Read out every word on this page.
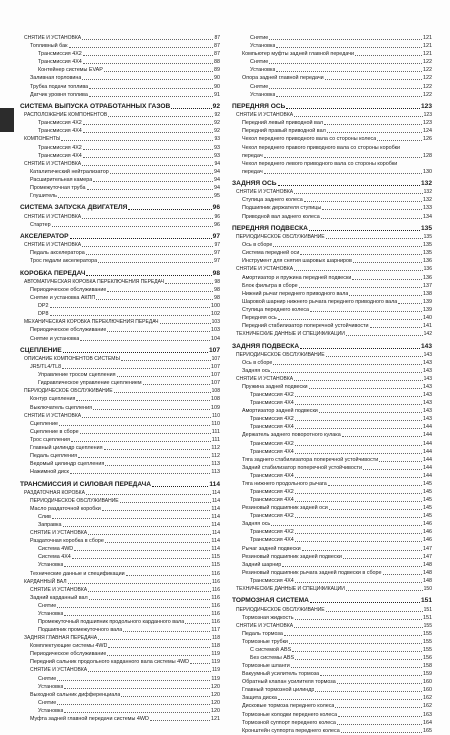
СНЯТИЕ И УСТАНОВКА	87
Топливный бак	87
Трансмиссия 4Х2	87
Трансмиссия 4Х4	88
Контейнер системы EVAP	89
Заливная горловина	90
Трубка подачи топлива	90
Датчик уровня топлива	91
СИСТЕМА ВЫПУСКА ОТРАБОТАННЫХ ГАЗОВ	92
РАСПОЛОЖЕНИЕ КОМПОНЕНТОВ	92
Трансмиссия 4Х2	92
Трансмиссия 4Х4	92
КОМПОНЕНТЫ	93
Трансмиссия 4Х2	93
Трансмиссия 4Х4	93
СНЯТИЕ И УСТАНОВКА	94
Каталитический нейтрализатор	94
Расширительная камера	94
Промежуточная труба	94
Глушитель	95
СИСТЕМА ЗАПУСКА ДВИГАТЕЛЯ	96
СНЯТИЕ И УСТАНОВКА	96
Стартер	96
АКСЕЛЕРАТОР	97
СНЯТИЕ И УСТАНОВКА	97
Педаль акселератора	97
Трос педали акселератора	97
КОРОБКА ПЕРЕДАЧ	98
АВТОМАТИЧЕСКАЯ КОРОБКА ПЕРЕКЛЮЧЕНИЯ ПЕРЕДАЧ	98
Периодическое обслуживание	98
Снятие и установка АКПП	98
DP2	100
DP8	102
МЕХАНИЧЕСКАЯ КОРОБКА ПЕРЕКЛЮЧЕНИЯ ПЕРЕДАЧ	103
Периодическое обслуживание	103
Снятие и установка	104
СЦЕПЛЕНИЕ	107
ОПИСАНИЕ КОМПОНЕНТОВ СИСТЕМЫ	107
JR5/TL4/TL8	107
Управление тросом сцепления	107
Гидравлическое управление сцеплением	107
ПЕРИОДИЧЕСКОЕ ОБСЛУЖИВАНИЕ	108
Контур сцепления	108
Выключатель сцепления	109
СНЯТИЕ И УСТАНОВКА	110
Сцепление	110
Сцепление в сборе	111
Трос сцепления	111
Главный цилиндр сцепления	112
Педаль сцепления	112
Ведомый цилиндр сцепления	113
Нажимной диск	113
ТРАНСМИССИЯ И СИЛОВАЯ ПЕРЕДАЧА	114
РАЗДАТОЧНАЯ КОРОБКА	114
ПЕРИОДИЧЕСКОЕ ОБСЛУЖИВАНИЕ	114
Масло раздаточной коробки	114
Слив	114
Заправка	114
СНЯТИЕ И УСТАНОВКА	114
Раздаточная коробка в сборе	114
Система 4WD	114
Система 4Х4	115
Установка	115
Технические данные и спецификации	116
КАРДАННЫЙ ВАЛ	116
СНЯТИЕ И УСТАНОВКА	116
Задний карданный вал	116
Снятие	116
Установка	116
Промежуточный подшипник продольного карданного вала	116
Подшипник промежуточного вала	117
ЗАДНЯЯ ГЛАВНАЯ ПЕРЕДАЧА	118
Комплектующие системы 4WD	118
Периодическое обслуживание	119
Передний сальник продольного карданного вала системы 4WD	119
СНЯТИЕ И УСТАНОВКА	119
Снятие	119
Установка	120
Выходной сальник дифференциала	120
Снятие	120
Установка	120
Муфта задней главной передачи системы 4WD	121
Снятие	121
Установка	121
Компьютер муфты задней главной передачи	121
Снятие	122
Установка	122
Опора задней главной передачи	122
Снятие	122
Установка	122
ПЕРЕДНЯЯ ОСЬ	123
СНЯТИЕ И УСТАНОВКА	123
Передний левый приводной вал	123
Передний правый приводной вал	124
Чехол переднего приводного вала со стороны колеса	126
Чехол переднего правого приводного вала со стороны коробки
передач	128
Чехол переднего левого приводного вала со стороны коробки
передач	130
ЗАДНЯЯ ОСЬ	132
СНЯТИЕ И УСТАНОВКА	132
Ступица заднего колеса	132
Подшипник держателя ступицы	133
Приводной вал заднего колеса	134
ПЕРЕДНЯЯ ПОДВЕСКА	135
ПЕРИОДИЧЕСКОЕ ОБСЛУЖИВАНИЕ	135
Ось в сборе	135
Система передней оси	135
Инструмент для снятия шаровых шарниров	136
СНЯТИЕ И УСТАНОВКА	136
Амортизатор и пружина передней подвески	136
Блок фильтра в сборе	137
Нижний рычаг переднего приводного вала	138
Шаровой шарнир нижнего рычага переднего приводного вала	139
Ступица переднего колеса	139
Передняя ось	140
Передний стабилизатор поперечной устойчивости	141
ТЕХНИЧЕСКИЕ ДАННЫЕ И СПЕЦИФИКАЦИИ	142
ЗАДНЯЯ ПОДВЕСКА	143
ПЕРИОДИЧЕСКОЕ ОБСЛУЖИВАНИЕ	143
Ось в сборе	143
Задняя ось	143
СНЯТИЕ И УСТАНОВКА	143
Пружина задней подвески	143
Трансмиссия 4Х2	143
Трансмиссия 4Х4	143
Амортизатор задней подвески	143
Трансмиссия 4Х2	143
Трансмиссия 4Х4	144
Держатель заднего поворотного кулака	144
Трансмиссия 4Х2	144
Трансмиссия 4Х4	144
Тяга заднего стабилизатора поперечной устойчивости	144
Задний стабилизатор поперечной устойчивости	144
Трансмиссия 4Х4	144
Тяга нижнего продольного рычага	145
Трансмиссия 4Х2	145
Трансмиссия 4Х4	145
Резиновый подшипник задней оси	145
Трансмиссия 4Х2	145
Задняя ось	146
Трансмиссия 4Х2	146
Трансмиссия 4Х4	146
Рычаг задней подвески	147
Резиновый подшипник задней подвески	147
Задний шарнир	148
Резиновый подшипник рычага задней подвески в сборе	148
Трансмиссия 4Х4	148
ТЕХНИЧЕСКИЕ ДАННЫЕ И СПЕЦИФИКАЦИИ	150
ТОРМОЗНАЯ СИСТЕМА	151
ПЕРИОДИЧЕСКОЕ ОБСЛУЖИВАНИЕ	151
Тормозная жидкость	151
СНЯТИЕ И УСТАНОВКА	155
Педаль тормоза	155
Тормозные трубки	155
С системой ABS	155
Без системы ABS	156
Тормозные шланги	158
Вакуумный усилитель тормоза	159
Обратный клапан усилителя тормоза	160
Главный тормозной цилиндр	160
Защита диска	162
Дисковые тормоза переднего колеса	162
Тормозные колодки переднего колеса	163
Тормозной суппорт переднего колеса	164
Кронштейн суппорта переднего колеса	165
